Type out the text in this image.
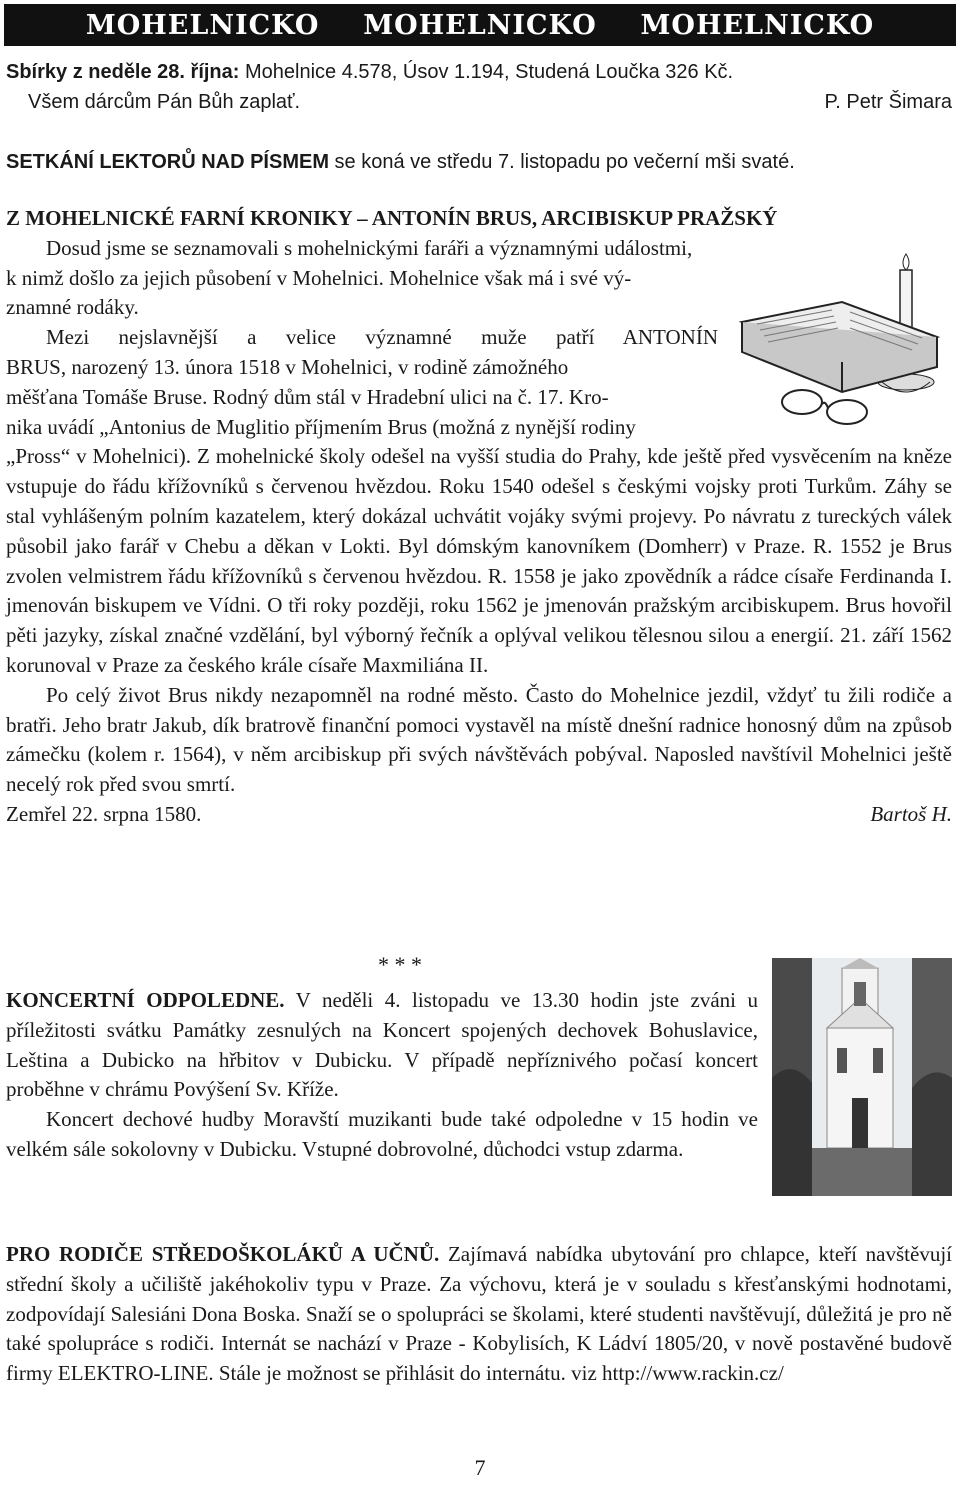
MOHELNICKO MOHELNICKO MOHELNICKO

Sbírky z neděle 28. října: Mohelnice 4.578, Úsov 1.194, Studená Loučka 326 Kč.

Všem dárcům Pán Bůh zaplať.	P. Petr Šimara

SETKÁNÍ LEKTORŮ NAD PÍSMEM se koná ve středu 7. listopadu po večerní mši svaté.

Z MOHELNICKÉ FARNÍ KRONIKY – ANTONÍN BRUS, ARCIBISKUP PRAŽSKÝ

Dosud jsme se seznamovali s mohelnickými faráři a významnými událostmi,

k nimž došlo za jejich působení v Mohelnici. Mohelnice však má i své vý-

znamné rodáky.

Mezi nejslavnější a velice významné muže patří ANTONÍN

BRUS, narozený 13. února 1518 v Mohelnici, v rodině zámožného

měšťana Tomáše Bruse. Rodný dům stál v Hradební ulici na č. 17. Kro-

nika uvádí „Antonius de Muglitio příjmením Brus (možná z nynější rodiny

„Pross“ v Mohelnici). Z mohelnické školy odešel na vyšší studia do Prahy, kde ještě před vysvěcením na kněze vstupuje do řádu křížovníků s červenou hvězdou. Roku 1540 odešel s českými vojsky proti Turkům. Záhy se stal vyhlášeným polním kazatelem, který dokázal uchvátit vojáky svými projevy. Po návratu z tureckých válek působil jako farář v Chebu a děkan v Lokti. Byl dómským kanovníkem (Domherr) v Praze. R. 1552 je Brus zvolen velmistrem řádu křížovníků s červenou hvězdou. R. 1558 je jako zpovědník a rádce císaře Ferdinanda I. jmenován biskupem ve Vídni. O tři roky později, roku 1562 je jmenován pražským arcibiskupem. Brus hovořil pěti jazyky, získal značné vzdělání, byl výborný řečník a oplýval velikou tělesnou silou a energií. 21. září 1562 korunoval v Praze za českého krále císaře Maxmiliána II.

Po celý život Brus nikdy nezapomněl na rodné město. Často do Mohelnice jezdil, vždyť tu žili rodiče a bratři. Jeho bratr Jakub, dík bratrově finanční pomoci vystavěl na místě dnešní radnice honosný dům na způsob zámečku (kolem r. 1564), v něm arcibiskup při svých návštěvách pobýval. Naposled navštívil Mohelnici ještě necelý rok před svou smrtí.

Zemřel 22. srpna 1580.	Bartoš H.

* * *

KONCERTNÍ ODPOLEDNE. V neděli 4. listopadu ve 13.30 hodin jste zváni u příležitosti svátku Památky zesnulých na Koncert spojených dechovek Bohuslavice, Leština a Dubicko na hřbitov v Dubicku. V případě nepříznivého počasí koncert proběhne v chrámu Povýšení Sv. Kříže.

Koncert dechové hudby Moravští muzikanti bude také odpoledne v 15 hodin ve velkém sále sokolovny v Dubicku. Vstupné dobrovolné, důchodci vstup zdarma.

PRO RODIČE STŘEDOŠKOLÁKŮ A UČNŮ. Zajímavá nabídka ubytování pro chlapce, kteří navštěvují střední školy a učiliště jakéhokoliv typu v Praze. Za výchovu, která je v souladu s křesťanskými hodnotami, zodpovídají Salesiáni Dona Boska. Snaží se o spolupráci se školami, které studenti navštěvují, důležitá je pro ně také spolupráce s rodiči. Internát se nachází v Praze - Kobylisích, K Ládví 1805/20, v nově postavěné budově firmy ELEKTRO-LINE. Stále je možnost se přihlásit do internátu. viz http://www.rackin.cz/

7
